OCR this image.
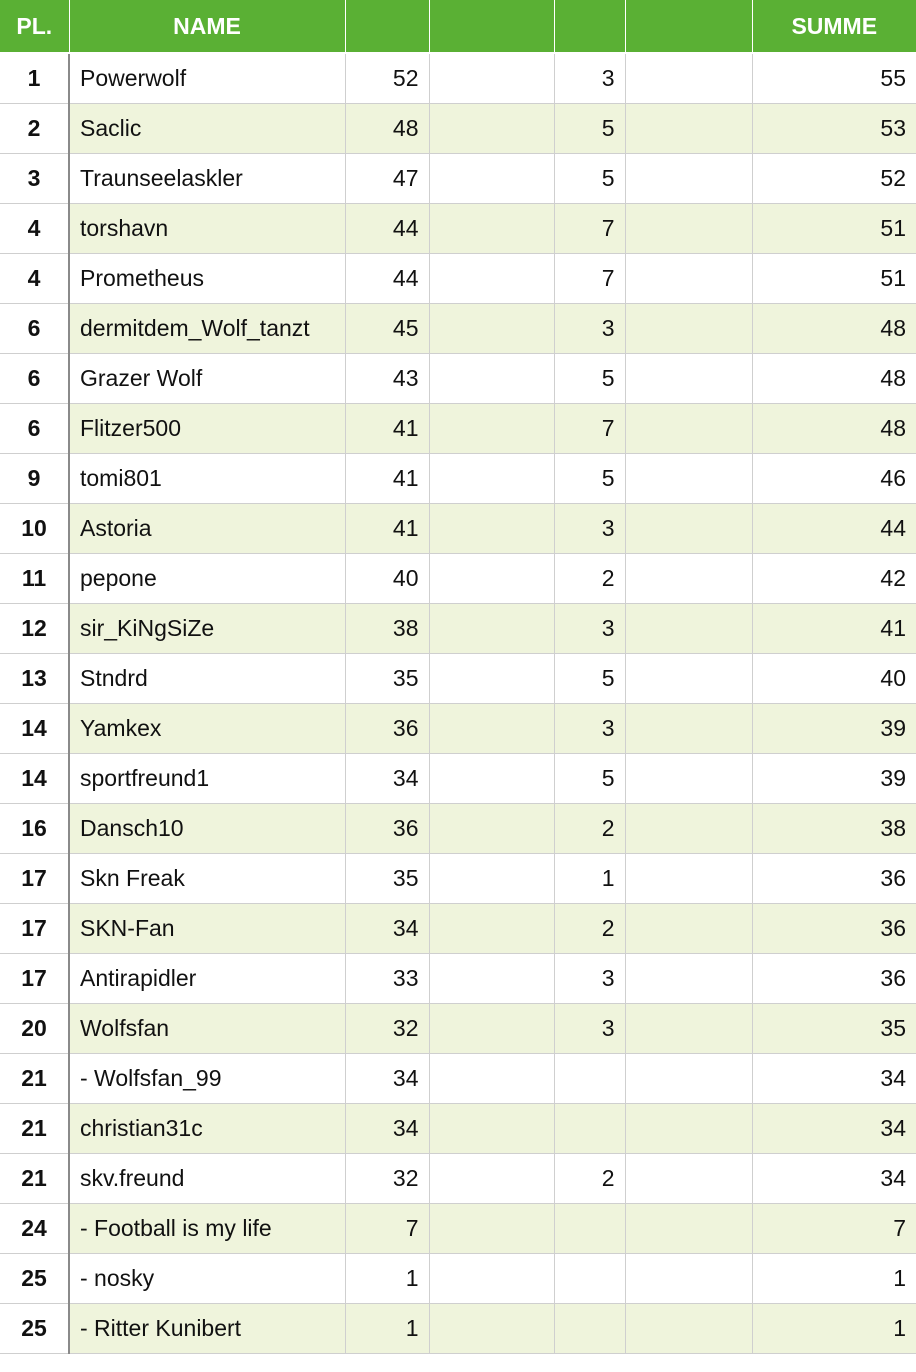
PL.	NAME					SUMME
1	Powerwolf	52		3		55
2	Saclic	48		5		53
3	Traunseelaskler	47		5		52
4	torshavn	44		7		51
4	Prometheus	44		7		51
6	dermitdem_Wolf_tanzt	45		3		48
6	Grazer Wolf	43		5		48
6	Flitzer500	41		7		48
9	tomi801	41		5		46
10	Astoria	41		3		44
11	pepone	40		2		42
12	sir_KiNgSiZe	38		3		41
13	Stndrd	35		5		40
14	Yamkex	36		3		39
14	sportfreund1	34		5		39
16	Dansch10	36		2		38
17	Skn Freak	35		1		36
17	SKN-Fan	34		2		36
17	Antirapidler	33		3		36
20	Wolfsfan	32		3		35
21	- Wolfsfan_99	34				34
21	christian31c	34				34
21	skv.freund	32		2		34
24	- Football is my life	7				7
25	- nosky	1				1
25	- Ritter Kunibert	1				1
